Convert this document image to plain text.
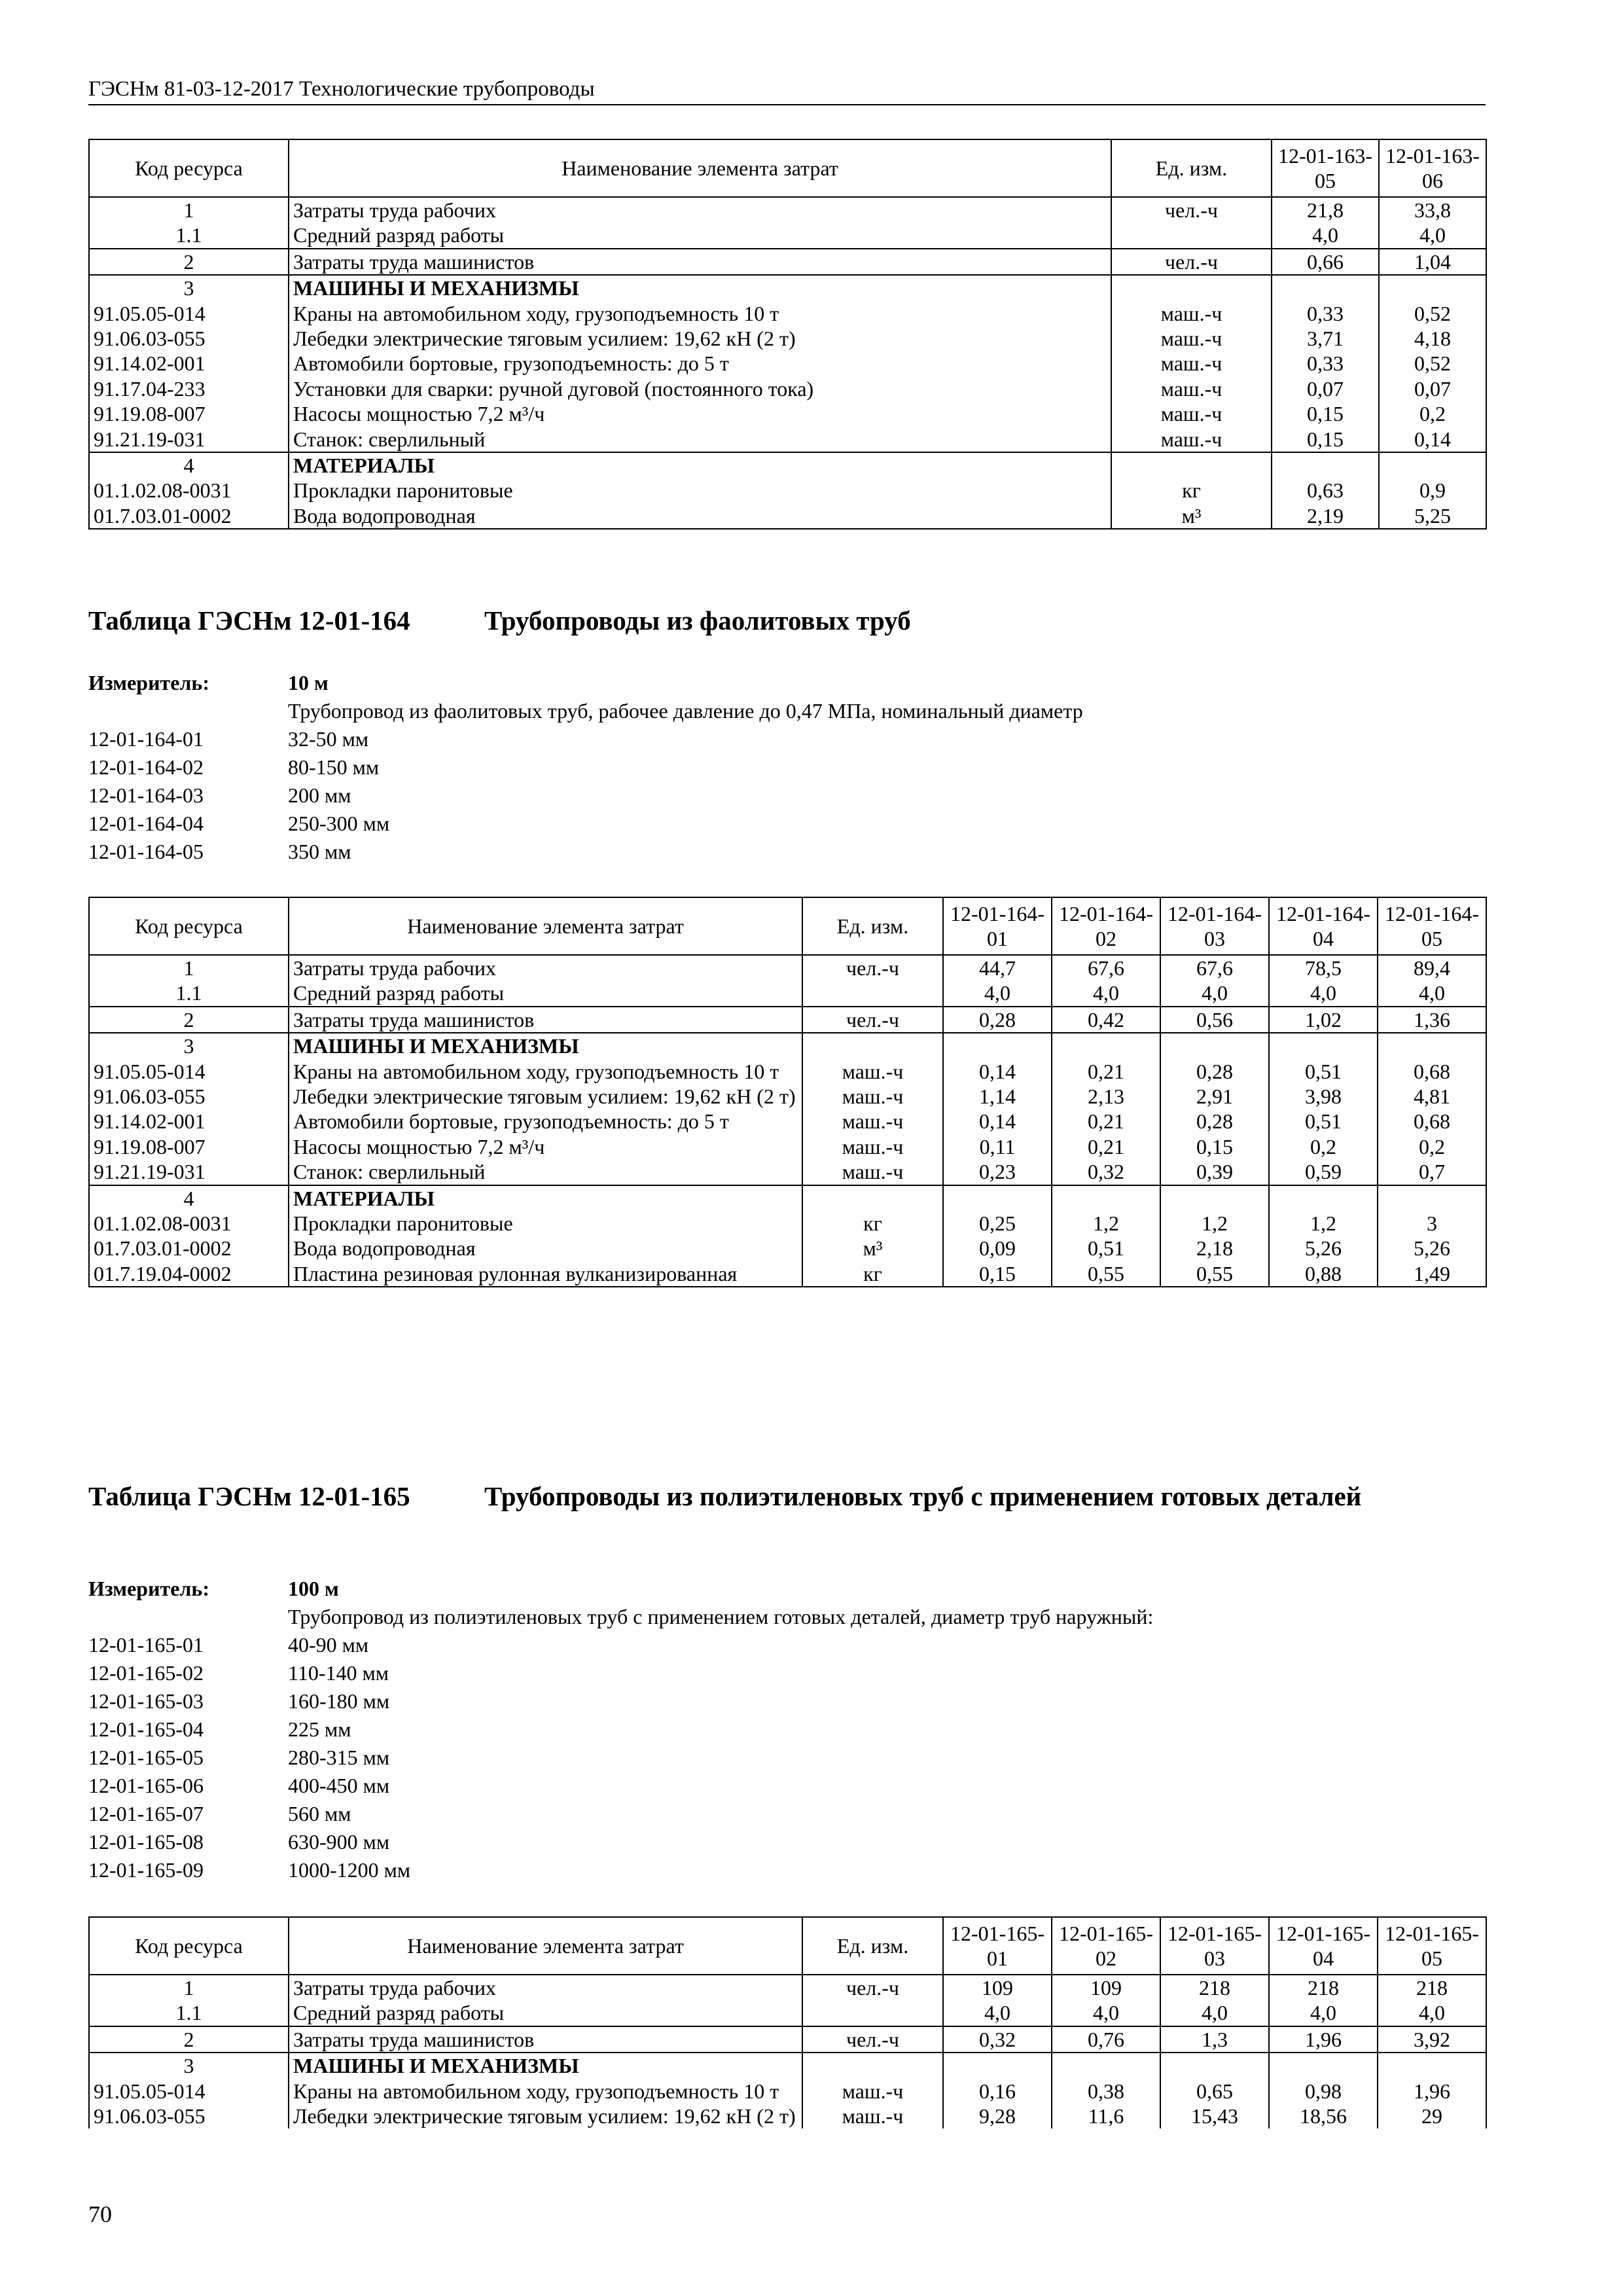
ГЭСНм 81-03-12-2017 Технологические трубопроводы
Код ресурса	Наименование элемента затрат	Ед. изм.	12-01-163-05	12-01-163-06
1	Затраты труда рабочих	чел.-ч	21,8	33,8
1.1	Средний разряд работы		4,0	4,0
2	Затраты труда машинистов	чел.-ч	0,66	1,04
3	МАШИНЫ И МЕХАНИЗМЫ			
91.05.05-014	Краны на автомобильном ходу, грузоподъемность 10 т	маш.-ч	0,33	0,52
91.06.03-055	Лебедки электрические тяговым усилием: 19,62 кН (2 т)	маш.-ч	3,71	4,18
91.14.02-001	Автомобили бортовые, грузоподъемность: до 5 т	маш.-ч	0,33	0,52
91.17.04-233	Установки для сварки: ручной дуговой (постоянного тока)	маш.-ч	0,07	0,07
91.19.08-007	Насосы мощностью 7,2 м³/ч	маш.-ч	0,15	0,2
91.21.19-031	Станок: сверлильный	маш.-ч	0,15	0,14
4	МАТЕРИАЛЫ			
01.1.02.08-0031	Прокладки паронитовые	кг	0,63	0,9
01.7.03.01-0002	Вода водопроводная	м³	2,19	5,25
Таблица ГЭСНм 12-01-164	Трубопроводы из фаолитовых труб
Измеритель:	10 м
Трубопровод из фаолитовых труб, рабочее давление до 0,47 МПа, номинальный диаметр
12-01-164-01	32-50 мм
12-01-164-02	80-150 мм
12-01-164-03	200 мм
12-01-164-04	250-300 мм
12-01-164-05	350 мм
Код ресурса	Наименование элемента затрат	Ед. изм.	12-01-164-01	12-01-164-02	12-01-164-03	12-01-164-04	12-01-164-05
1	Затраты труда рабочих	чел.-ч	44,7	67,6	67,6	78,5	89,4
1.1	Средний разряд работы		4,0	4,0	4,0	4,0	4,0
2	Затраты труда машинистов	чел.-ч	0,28	0,42	0,56	1,02	1,36
3	МАШИНЫ И МЕХАНИЗМЫ						
91.05.05-014	Краны на автомобильном ходу, грузоподъемность 10 т	маш.-ч	0,14	0,21	0,28	0,51	0,68
91.06.03-055	Лебедки электрические тяговым усилием: 19,62 кН (2 т)	маш.-ч	1,14	2,13	2,91	3,98	4,81
91.14.02-001	Автомобили бортовые, грузоподъемность: до 5 т	маш.-ч	0,14	0,21	0,28	0,51	0,68
91.19.08-007	Насосы мощностью 7,2 м³/ч	маш.-ч	0,11	0,21	0,15	0,2	0,2
91.21.19-031	Станок: сверлильный	маш.-ч	0,23	0,32	0,39	0,59	0,7
4	МАТЕРИАЛЫ						
01.1.02.08-0031	Прокладки паронитовые	кг	0,25	1,2	1,2	1,2	3
01.7.03.01-0002	Вода водопроводная	м³	0,09	0,51	2,18	5,26	5,26
01.7.19.04-0002	Пластина резиновая рулонная вулканизированная	кг	0,15	0,55	0,55	0,88	1,49
Таблица ГЭСНм 12-01-165	Трубопроводы из полиэтиленовых труб с применением готовых деталей
Измеритель:	100 м
Трубопровод из полиэтиленовых труб с применением готовых деталей, диаметр труб наружный:
12-01-165-01	40-90 мм
12-01-165-02	110-140 мм
12-01-165-03	160-180 мм
12-01-165-04	225 мм
12-01-165-05	280-315 мм
12-01-165-06	400-450 мм
12-01-165-07	560 мм
12-01-165-08	630-900 мм
12-01-165-09	1000-1200 мм
Код ресурса	Наименование элемента затрат	Ед. изм.	12-01-165-01	12-01-165-02	12-01-165-03	12-01-165-04	12-01-165-05
1	Затраты труда рабочих	чел.-ч	109	109	218	218	218
1.1	Средний разряд работы		4,0	4,0	4,0	4,0	4,0
2	Затраты труда машинистов	чел.-ч	0,32	0,76	1,3	1,96	3,92
3	МАШИНЫ И МЕХАНИЗМЫ						
91.05.05-014	Краны на автомобильном ходу, грузоподъемность 10 т	маш.-ч	0,16	0,38	0,65	0,98	1,96
91.06.03-055	Лебедки электрические тяговым усилием: 19,62 кН (2 т)	маш.-ч	9,28	11,6	15,43	18,56	29
70
